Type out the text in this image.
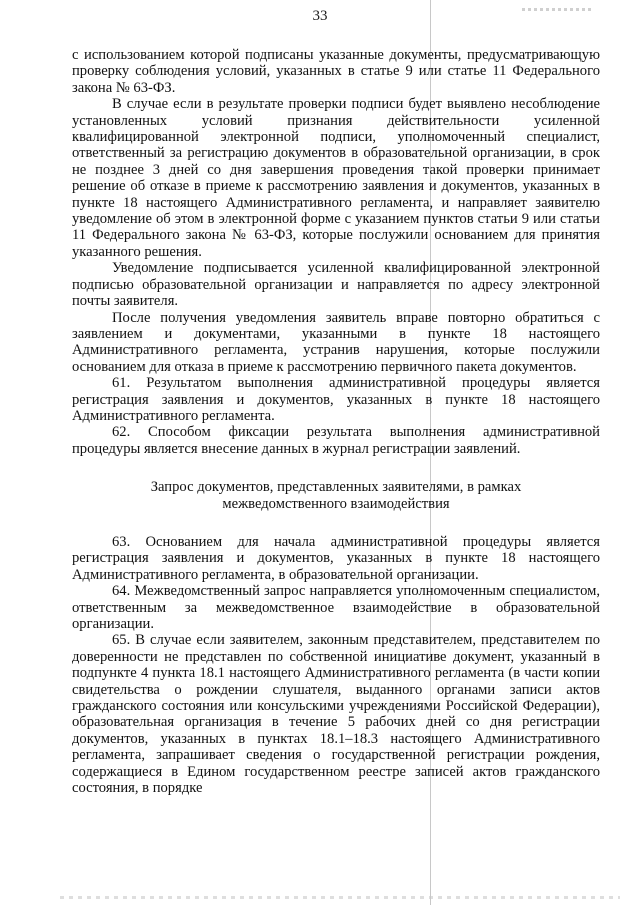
33

с использованием которой подписаны указанные документы, предусматривающую проверку соблюдения условий, указанных в статье 9 или статье 11 Федерального закона № 63-ФЗ.

В случае если в результате проверки подписи будет выявлено несоблюдение установленных условий признания действительности усиленной квалифицированной электронной подписи, уполномоченный специалист, ответственный за регистрацию документов в образовательной организации, в срок не позднее 3 дней со дня завершения проведения такой проверки принимает решение об отказе в приеме к рассмотрению заявления и документов, указанных в пункте 18 настоящего Административного регламента, и направляет заявителю уведомление об этом в электронной форме с указанием пунктов статьи 9 или статьи 11 Федерального закона № 63-ФЗ, которые послужили основанием для принятия указанного решения.

Уведомление подписывается усиленной квалифицированной электронной подписью образовательной организации и направляется по адресу электронной почты заявителя.

После получения уведомления заявитель вправе повторно обратиться с заявлением и документами, указанными в пункте 18 настоящего Административного регламента, устранив нарушения, которые послужили основанием для отказа в приеме к рассмотрению первичного пакета документов.

61. Результатом выполнения административной процедуры является регистрация заявления и документов, указанных в пункте 18 настоящего Административного регламента.

62. Способом фиксации результата выполнения административной процедуры является внесение данных в журнал регистрации заявлений.

Запрос документов, представленных заявителями, в рамках межведомственного взаимодействия

63. Основанием для начала административной процедуры является регистрация заявления и документов, указанных в пункте 18 настоящего Административного регламента, в образовательной организации.

64. Межведомственный запрос направляется уполномоченным специалистом, ответственным за межведомственное взаимодействие в образовательной организации.

65. В случае если заявителем, законным представителем, представителем по доверенности не представлен по собственной инициативе документ, указанный в подпункте 4 пункта 18.1 настоящего Административного регламента (в части копии свидетельства о рождении слушателя, выданного органами записи актов гражданского состояния или консульскими учреждениями Российской Федерации), образовательная организация в течение 5 рабочих дней со дня регистрации документов, указанных в пунктах 18.1–18.3 настоящего Административного регламента, запрашивает сведения о государственной регистрации рождения, содержащиеся в Едином государственном реестре записей актов гражданского состояния, в порядке
